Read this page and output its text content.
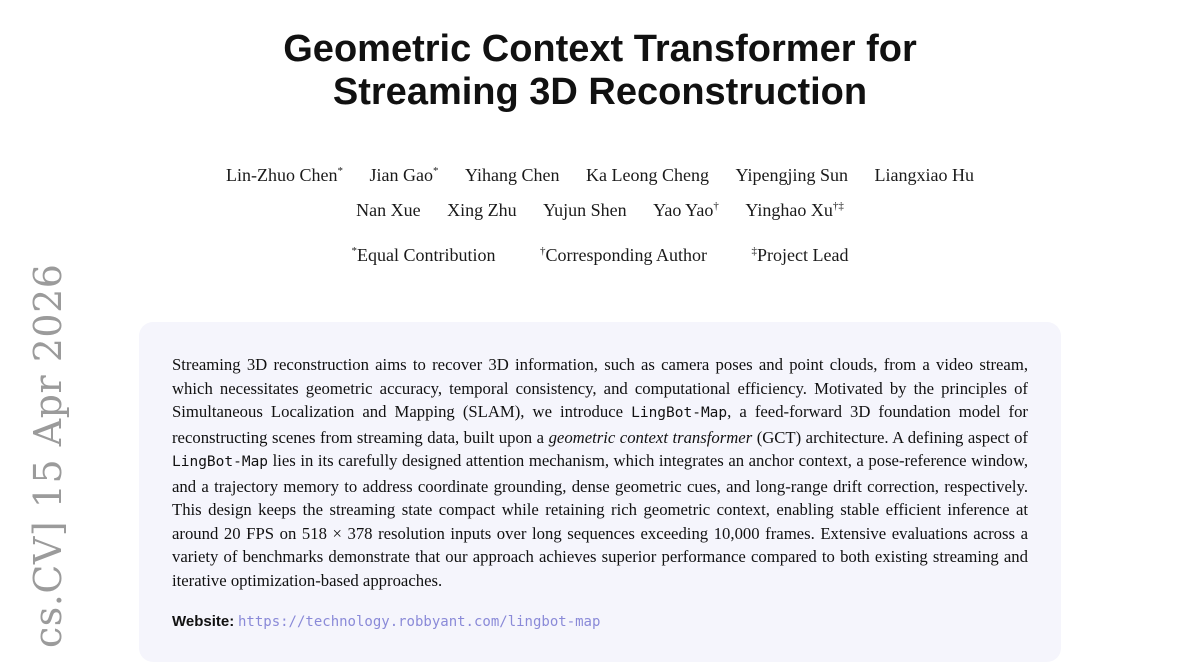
cs.CV] 15 Apr 2026
Geometric Context Transformer for
Streaming 3D Reconstruction
Lin-Zhuo Chen* Jian Gao* Yihang Chen Ka Leong Cheng Yipengjing Sun Liangxiao Hu
Nan Xue Xing Zhu Yujun Shen Yao Yao† Yinghao Xu†‡
*Equal Contribution	†Corresponding Author	‡Project Lead
Streaming 3D reconstruction aims to recover 3D information, such as camera poses and point clouds, from a video stream, which necessitates geometric accuracy, temporal consistency, and computational efficiency. Motivated by the principles of Simultaneous Localization and Mapping (SLAM), we introduce LingBot-Map, a feed-forward 3D foundation model for reconstructing scenes from streaming data, built upon a geometric context transformer (GCT) architecture. A defining aspect of LingBot-Map lies in its carefully designed attention mechanism, which integrates an anchor context, a pose-reference window, and a trajectory memory to address coordinate grounding, dense geometric cues, and long-range drift correction, respectively. This design keeps the streaming state compact while retaining rich geometric context, enabling stable efficient inference at around 20 FPS on 518 × 378 resolution inputs over long sequences exceeding 10,000 frames. Extensive evaluations across a variety of benchmarks demonstrate that our approach achieves superior performance compared to both existing streaming and iterative optimization-based approaches.
Website: https://technology.robbyant.com/lingbot-map
